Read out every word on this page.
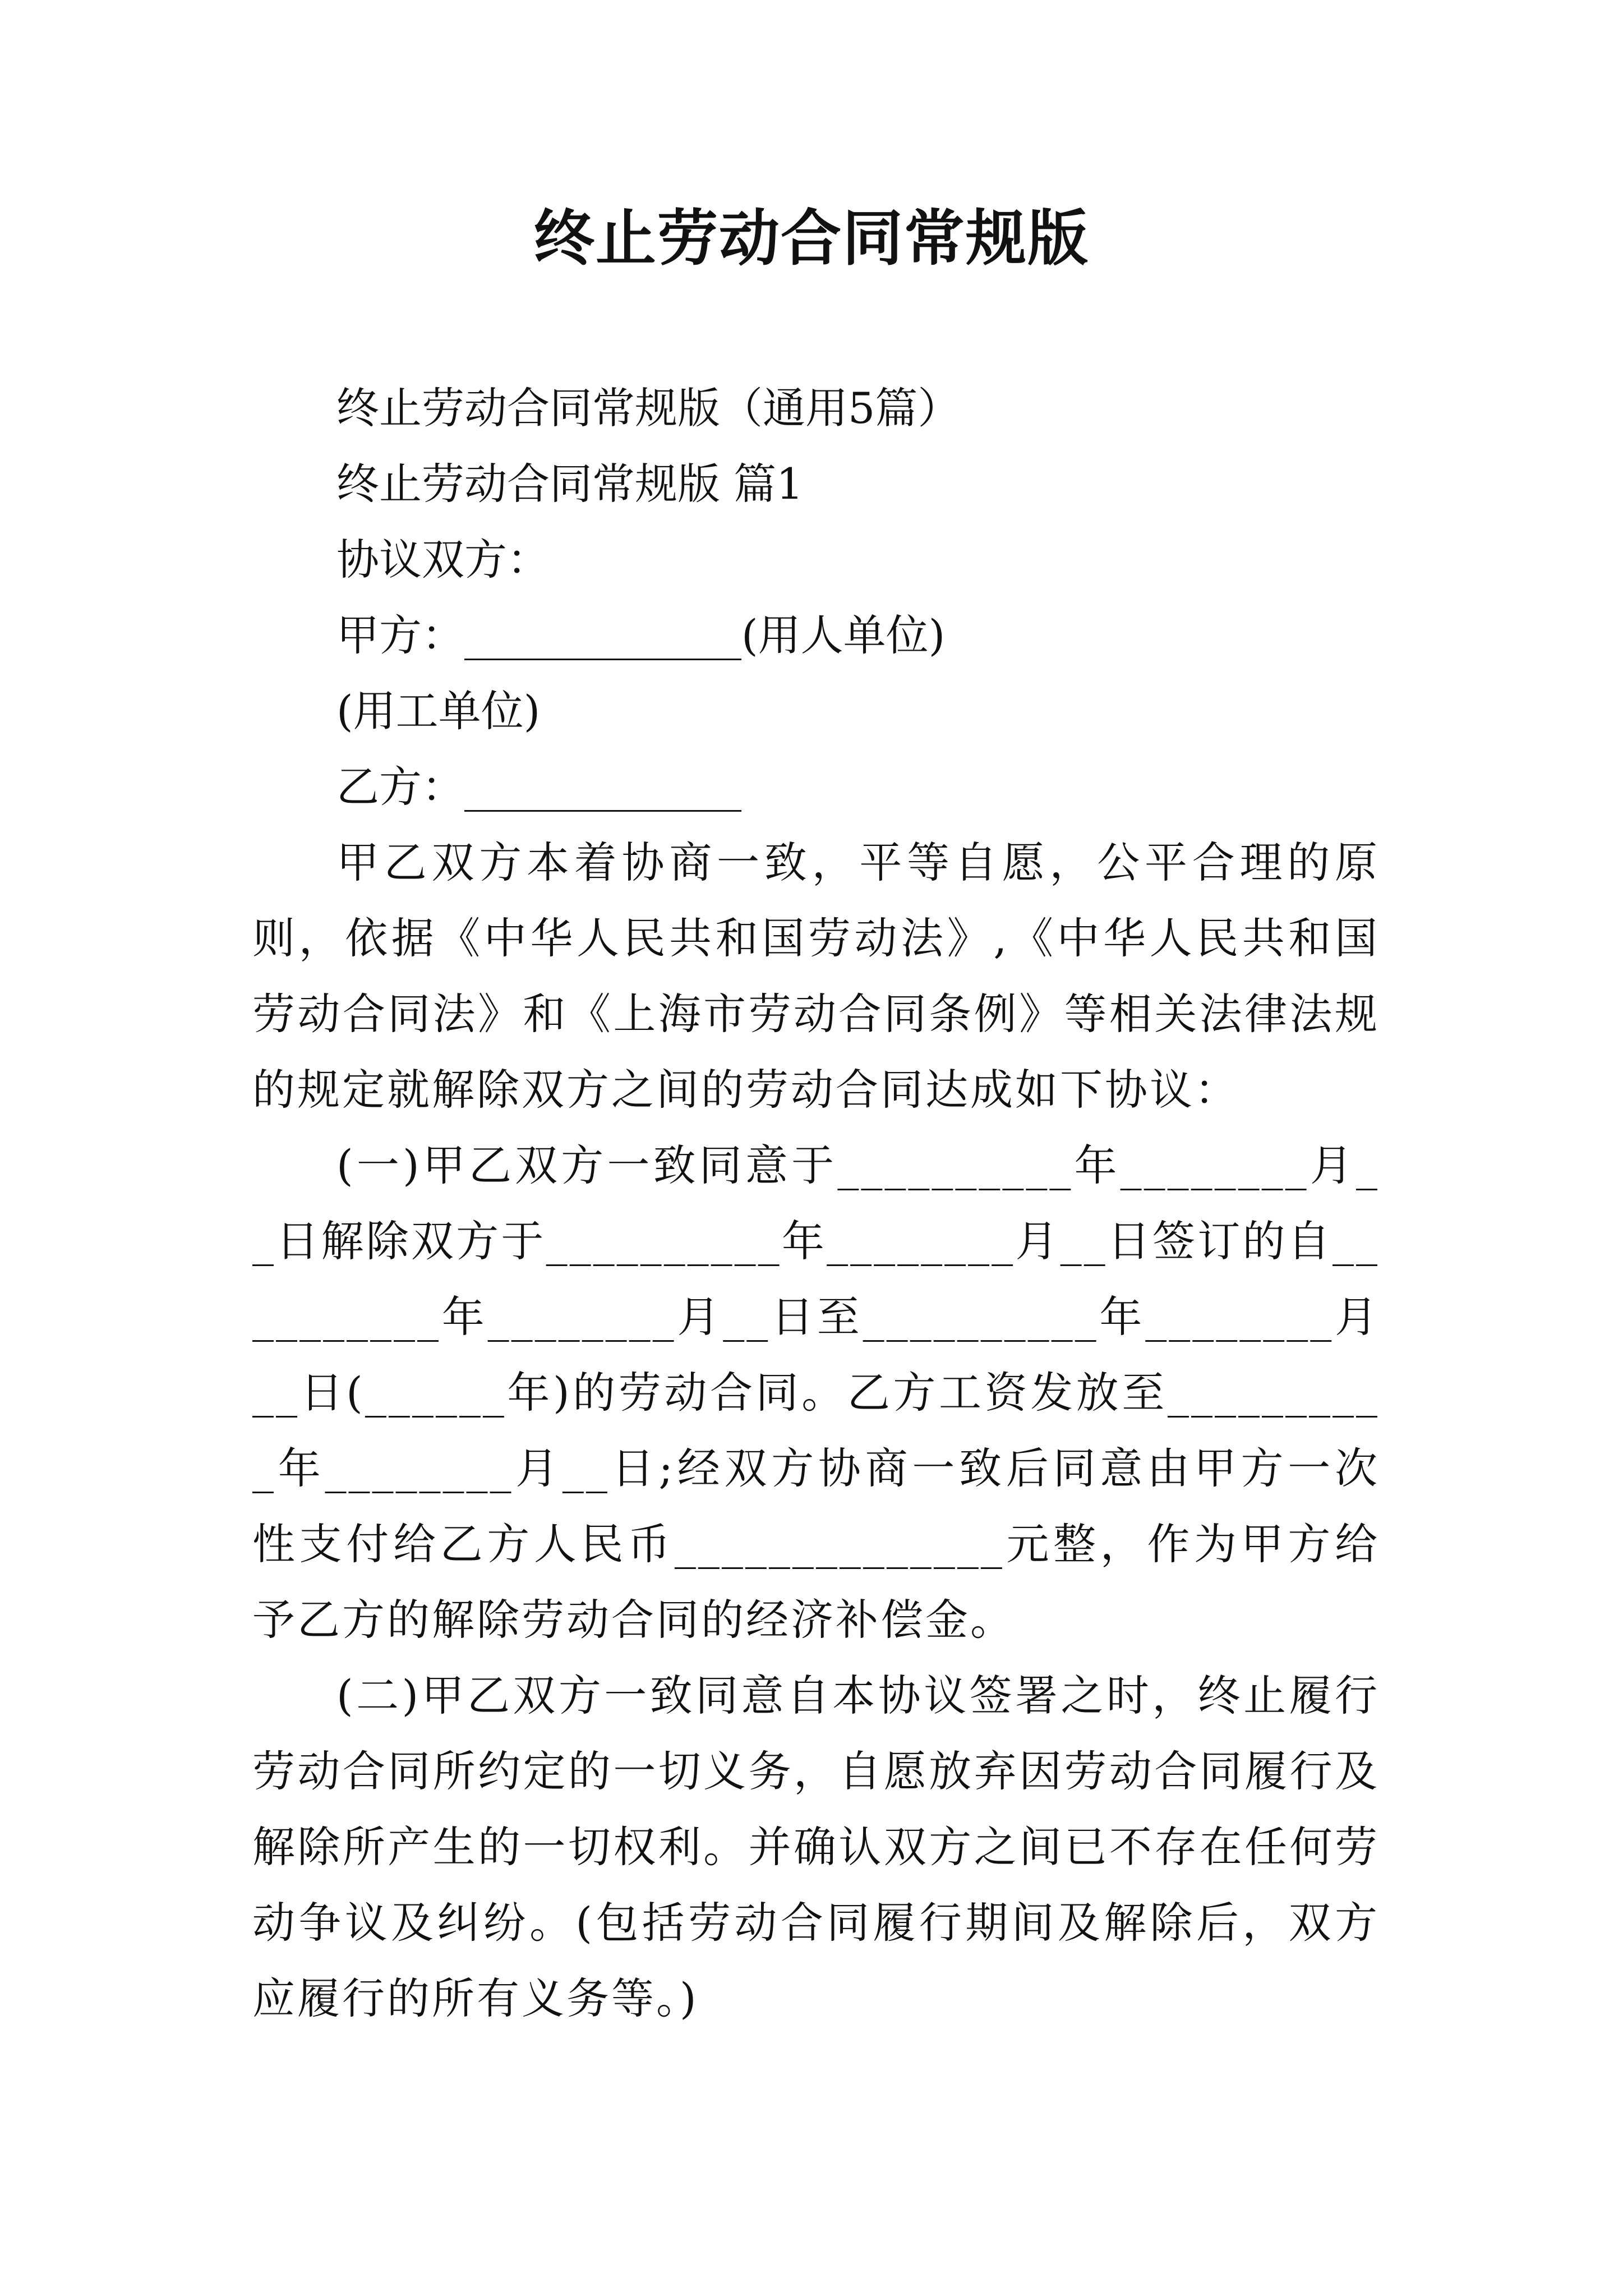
终止劳动合同常规版
终止劳动合同常规版（通用5篇）
终止劳动合同常规版 篇1
协议双方：
甲方：_____________(用人单位)
(用工单位)
乙方：_____________
甲乙双方本着协商一致，平等自愿，公平合理的原则，依据《中华人民共和国劳动法》,《中华人民共和国劳动合同法》和《上海市劳动合同条例》等相关法律法规的规定就解除双方之间的劳动合同达成如下协议：
(一)甲乙双方一致同意于__________年________月__日解除双方于__________年________月__日签订的自__________年________月__日至__________年________月__日(______年)的劳动合同。乙方工资发放至__________年________月__日;经双方协商一致后同意由甲方一次性支付给乙方人民币______________元整，作为甲方给予乙方的解除劳动合同的经济补偿金。
(二)甲乙双方一致同意自本协议签署之时，终止履行劳动合同所约定的一切义务，自愿放弃因劳动合同履行及解除所产生的一切权利。并确认双方之间已不存在任何劳动争议及纠纷。(包括劳动合同履行期间及解除后，双方应履行的所有义务等。)
